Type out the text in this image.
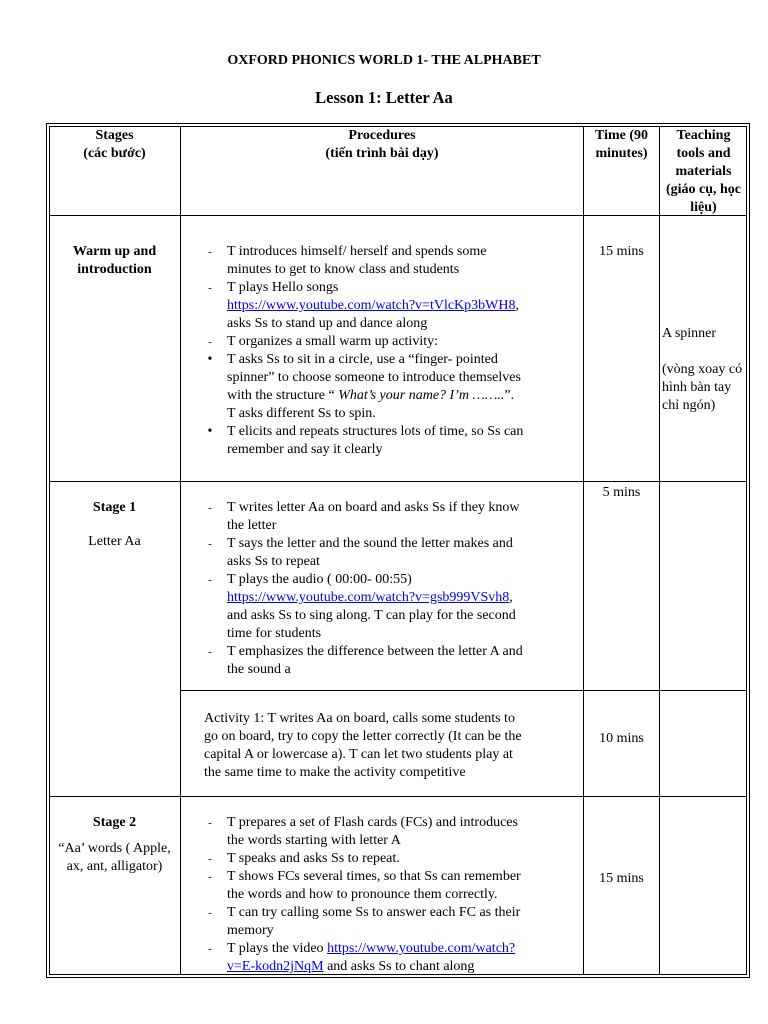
OXFORD PHONICS WORLD 1- THE ALPHABET
Lesson 1: Letter Aa
Stages
(các bước)
Procedures
(tiến trình bài dạy)
Time (90
minutes)
Teaching
tools and
materials
(giáo cụ, học
liệu)
Warm up and
introduction
- T introduces himself/ herself and spends some
minutes to get to know class and students
- T plays Hello songs
https://www.youtube.com/watch?v=tVlcKp3bWH8,
asks Ss to stand up and dance along
- T organizes a small warm up activity:
• T asks Ss to sit in a circle, use a “finger- pointed
spinner” to choose someone to introduce themselves
with the structure “ What’s your name? I’m ……..”.
T asks different Ss to spin.
• T elicits and repeats structures lots of time, so Ss can
remember and say it clearly
15 mins
A spinner
(vòng xoay có
hình bàn tay
chỉ ngón)
Stage 1
Letter Aa
- T writes letter Aa on board and asks Ss if they know
the letter
- T says the letter and the sound the letter makes and
asks Ss to repeat
- T plays the audio ( 00:00- 00:55)
https://www.youtube.com/watch?v=gsb999VSvh8,
and asks Ss to sing along. T can play for the second
time for students
- T emphasizes the difference between the letter A and
the sound a
5 mins
Activity 1: T writes Aa on board, calls some students to
go on board, try to copy the letter correctly (It can be the
capital A or lowercase a). T can let two students play at
the same time to make the activity competitive
10 mins
Stage 2
“Aa’ words ( Apple,
ax, ant, alligator)
- T prepares a set of Flash cards (FCs) and introduces
the words starting with letter A
- T speaks and asks Ss to repeat.
- T shows FCs several times, so that Ss can remember
the words and how to pronounce them correctly.
- T can try calling some Ss to answer each FC as their
memory
- T plays the video https://www.youtube.com/watch?
v=E-kodn2jNqM and asks Ss to chant along
15 mins
